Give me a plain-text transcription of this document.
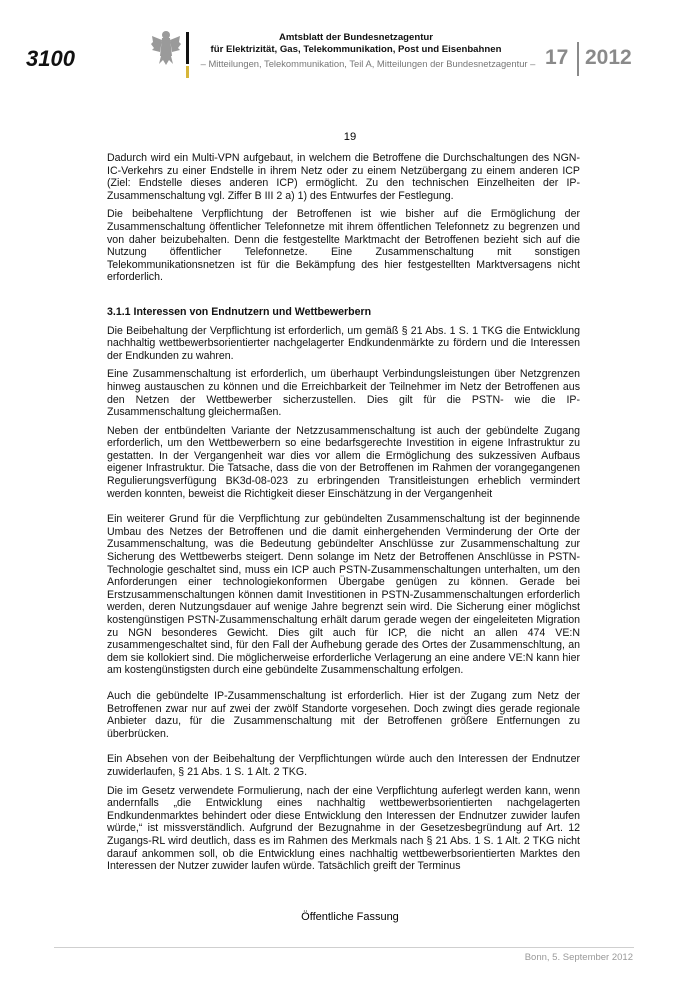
3100
Amtsblatt der Bundesnetzagentur
für Elektrizität, Gas, Telekommunikation, Post und Eisenbahnen
– Mitteilungen, Telekommunikation, Teil A, Mitteilungen der Bundesnetzagentur – 17 2012
19

Dadurch wird ein Multi-VPN aufgebaut, in welchem die Betroffene die Durchschaltungen des NGN-IC-Verkehrs zu einer Endstelle in ihrem Netz oder zu einem Netzübergang zu einem anderen ICP (Ziel: Endstelle dieses anderen ICP) ermöglicht. Zu den technischen Einzelheiten der IP-Zusammenschaltung vgl. Ziffer B III 2 a) 1) des Entwurfes der Festlegung.

Die beibehaltene Verpflichtung der Betroffenen ist wie bisher auf die Ermöglichung der Zusammenschaltung öffentlicher Telefonnetze mit ihrem öffentlichen Telefonnetz zu begrenzen und von daher beizubehalten. Denn die festgestellte Marktmacht der Betroffenen bezieht sich auf die Nutzung öffentlicher Telefonnetze. Eine Zusammenschaltung mit sonstigen Telekommunikationsnetzen ist für die Bekämpfung des hier festgestellten Marktversagens nicht erforderlich.

3.1.1 Interessen von Endnutzern und Wettbewerbern

Die Beibehaltung der Verpflichtung ist erforderlich, um gemäß § 21 Abs. 1 S. 1 TKG die Entwicklung nachhaltig wettbewerbsorientierter nachgelagerter Endkundenmärkte zu fördern und die Interessen der Endkunden zu wahren.

Eine Zusammenschaltung ist erforderlich, um überhaupt Verbindungsleistungen über Netzgrenzen hinweg austauschen zu können und die Erreichbarkeit der Teilnehmer im Netz der Betroffenen aus den Netzen der Wettbewerber sicherzustellen. Dies gilt für die PSTN- wie die IP-Zusammenschaltung gleichermaßen.

Neben der entbündelten Variante der Netzzusammenschaltung ist auch der gebündelte Zugang erforderlich, um den Wettbewerbern so eine bedarfsgerechte Investition in eigene Infrastruktur zu gestatten. In der Vergangenheit war dies vor allem die Ermöglichung des sukzessiven Aufbaus eigener Infrastruktur. Die Tatsache, dass die von der Betroffenen im Rahmen der vorangegangenen Regulierungsverfügung BK3d-08-023 zu erbringenden Transitleistungen erheblich vermindert werden konnten, beweist die Richtigkeit dieser Einschätzung in der Vergangenheit

Ein weiterer Grund für die Verpflichtung zur gebündelten Zusammenschaltung ist der beginnende Umbau des Netzes der Betroffenen und die damit einhergehenden Verminderung der Orte der Zusammenschaltung, was die Bedeutung gebündelter Anschlüsse zur Zusammenschaltung zur Sicherung des Wettbewerbs steigert. Denn solange im Netz der Betroffenen Anschlüsse in PSTN-Technologie geschaltet sind, muss ein ICP auch PSTN-Zusammenschaltungen unterhalten, um den Anforderungen einer technologiekonformen Übergabe genügen zu können. Gerade bei Erstzusammenschaltungen können damit Investitionen in PSTN-Zusammenschaltungen erforderlich werden, deren Nutzungsdauer auf wenige Jahre begrenzt sein wird. Die Sicherung einer möglichst kostengünstigen PSTN-Zusammenschaltung erhält darum gerade wegen der eingeleiteten Migration zu NGN besonderes Gewicht. Dies gilt auch für ICP, die nicht an allen 474 VE:N zusammengeschaltet sind, für den Fall der Aufhebung gerade des Ortes der Zusammenschltung, an dem sie kollokiert sind. Die möglicherweise erforderliche Verlagerung an eine andere VE:N kann hier am kostengünstigsten durch eine gebündelte Zusammenschaltung erfolgen.

Auch die gebündelte IP-Zusammenschaltung ist erforderlich. Hier ist der Zugang zum Netz der Betroffenen zwar nur auf zwei der zwölf Standorte vorgesehen. Doch zwingt dies gerade regionale Anbieter dazu, für die Zusammenschaltung mit der Betroffenen größere Entfernungen zu überbrücken.

Ein Absehen von der Beibehaltung der Verpflichtungen würde auch den Interessen der Endnutzer zuwiderlaufen, § 21 Abs. 1 S. 1 Alt. 2 TKG.

Die im Gesetz verwendete Formulierung, nach der eine Verpflichtung auferlegt werden kann, wenn andernfalls „die Entwicklung eines nachhaltig wettbewerbsorientierten nachgelagerten Endkundenmarktes behindert oder diese Entwicklung den Interessen der Endnutzer zuwider laufen würde,“ ist missverständlich. Aufgrund der Bezugnahme in der Gesetzesbegründung auf Art. 12 Zugangs-RL wird deutlich, dass es im Rahmen des Merkmals nach § 21 Abs. 1 S. 1 Alt. 2 TKG nicht darauf ankommen soll, ob die Entwicklung eines nachhaltig wettbewerbsorientierten Marktes den Interessen der Nutzer zuwider laufen würde. Tatsächlich greift der Terminus

Öffentliche Fassung
Bonn, 5. September 2012
